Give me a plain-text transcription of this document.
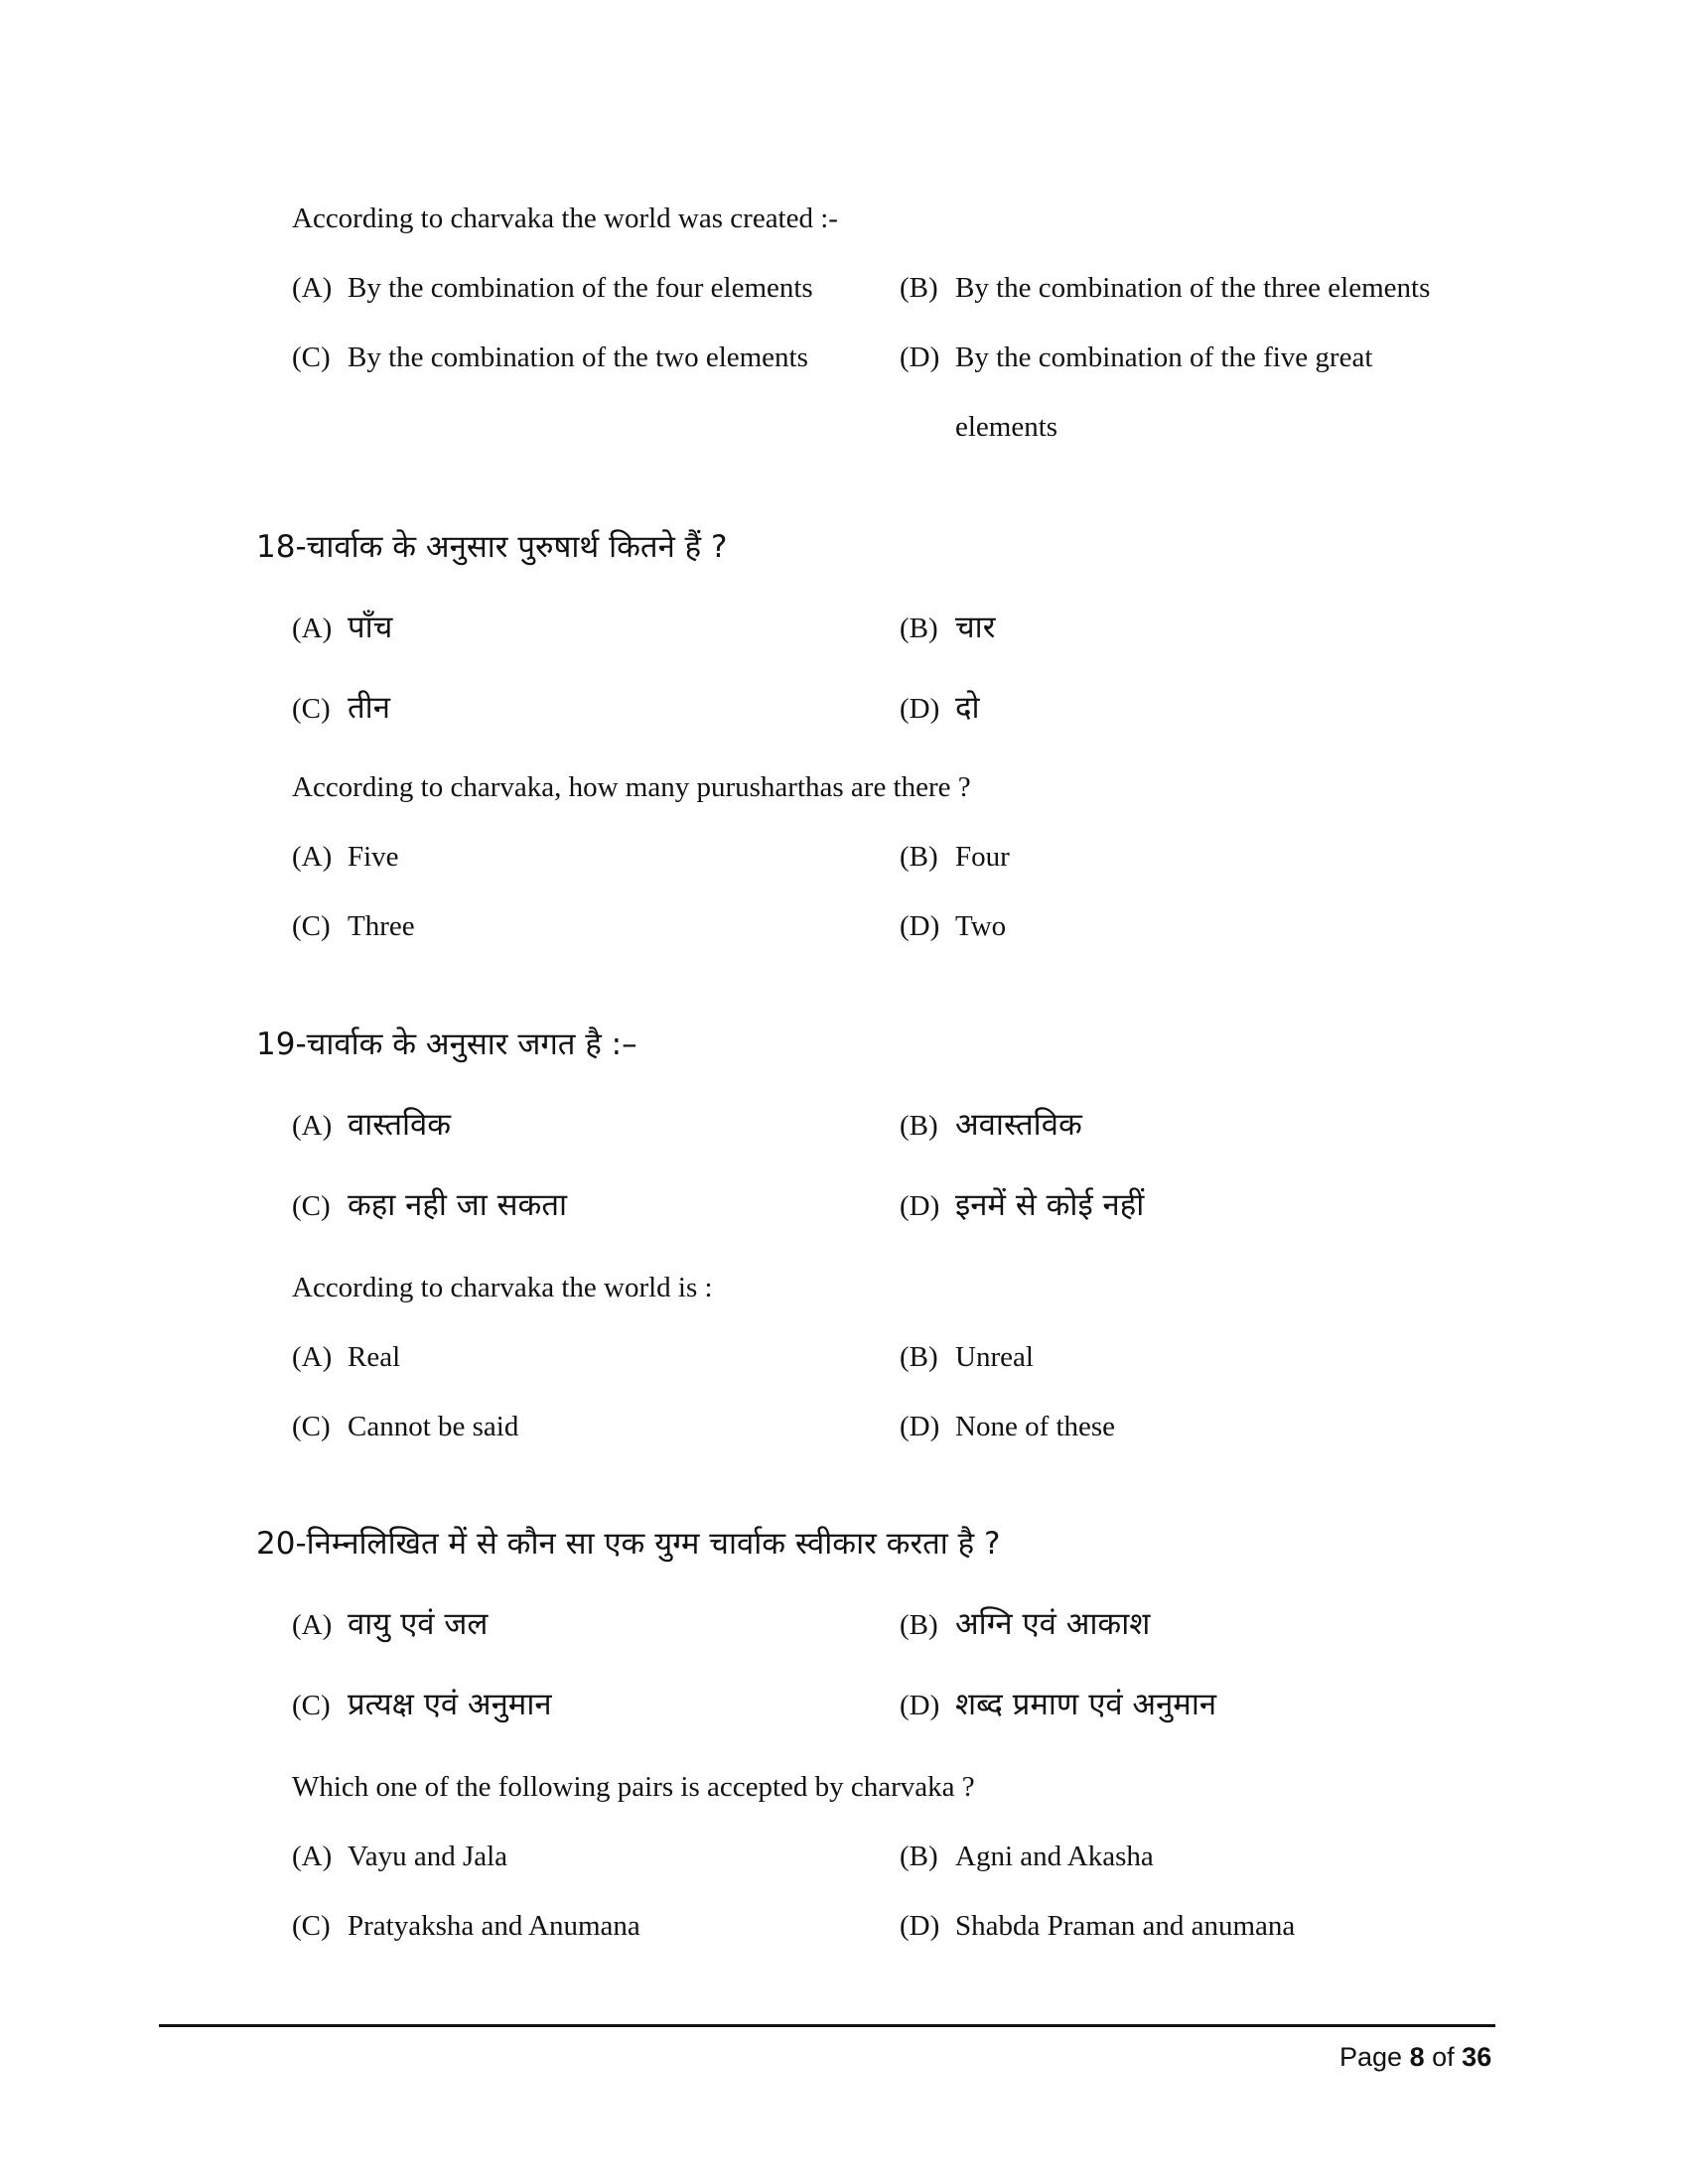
According to charvaka the world was created :-
(A) By the combination of the four elements	(B) By the combination of the three elements
(C) By the combination of the two elements	(D) By the combination of the five great
elements
18-चार्वाक के अनुसार पुरुषार्थ कितने हैं ?
(A) पाँच	(B) चार
(C) तीन	(D) दो
According to charvaka, how many purusharthas are there ?
(A) Five	(B) Four
(C) Three	(D) Two
19-चार्वाक के अनुसार जगत है :–
(A) वास्तविक	(B) अवास्तविक
(C) कहा नही जा सकता	(D) इनमें से कोई नहीं
According to charvaka the world is :
(A) Real	(B) Unreal
(C) Cannot be said	(D) None of these
20-निम्नलिखित में से कौन सा एक युग्म चार्वाक स्वीकार करता है ?
(A) वायु एवं जल	(B) अग्नि एवं आकाश
(C) प्रत्यक्ष एवं अनुमान	(D) शब्द प्रमाण एवं अनुमान
Which one of the following pairs is accepted by charvaka ?
(A) Vayu and Jala	(B) Agni and Akasha
(C) Pratyaksha and Anumana	(D) Shabda Praman and anumana
Page 8 of 36
